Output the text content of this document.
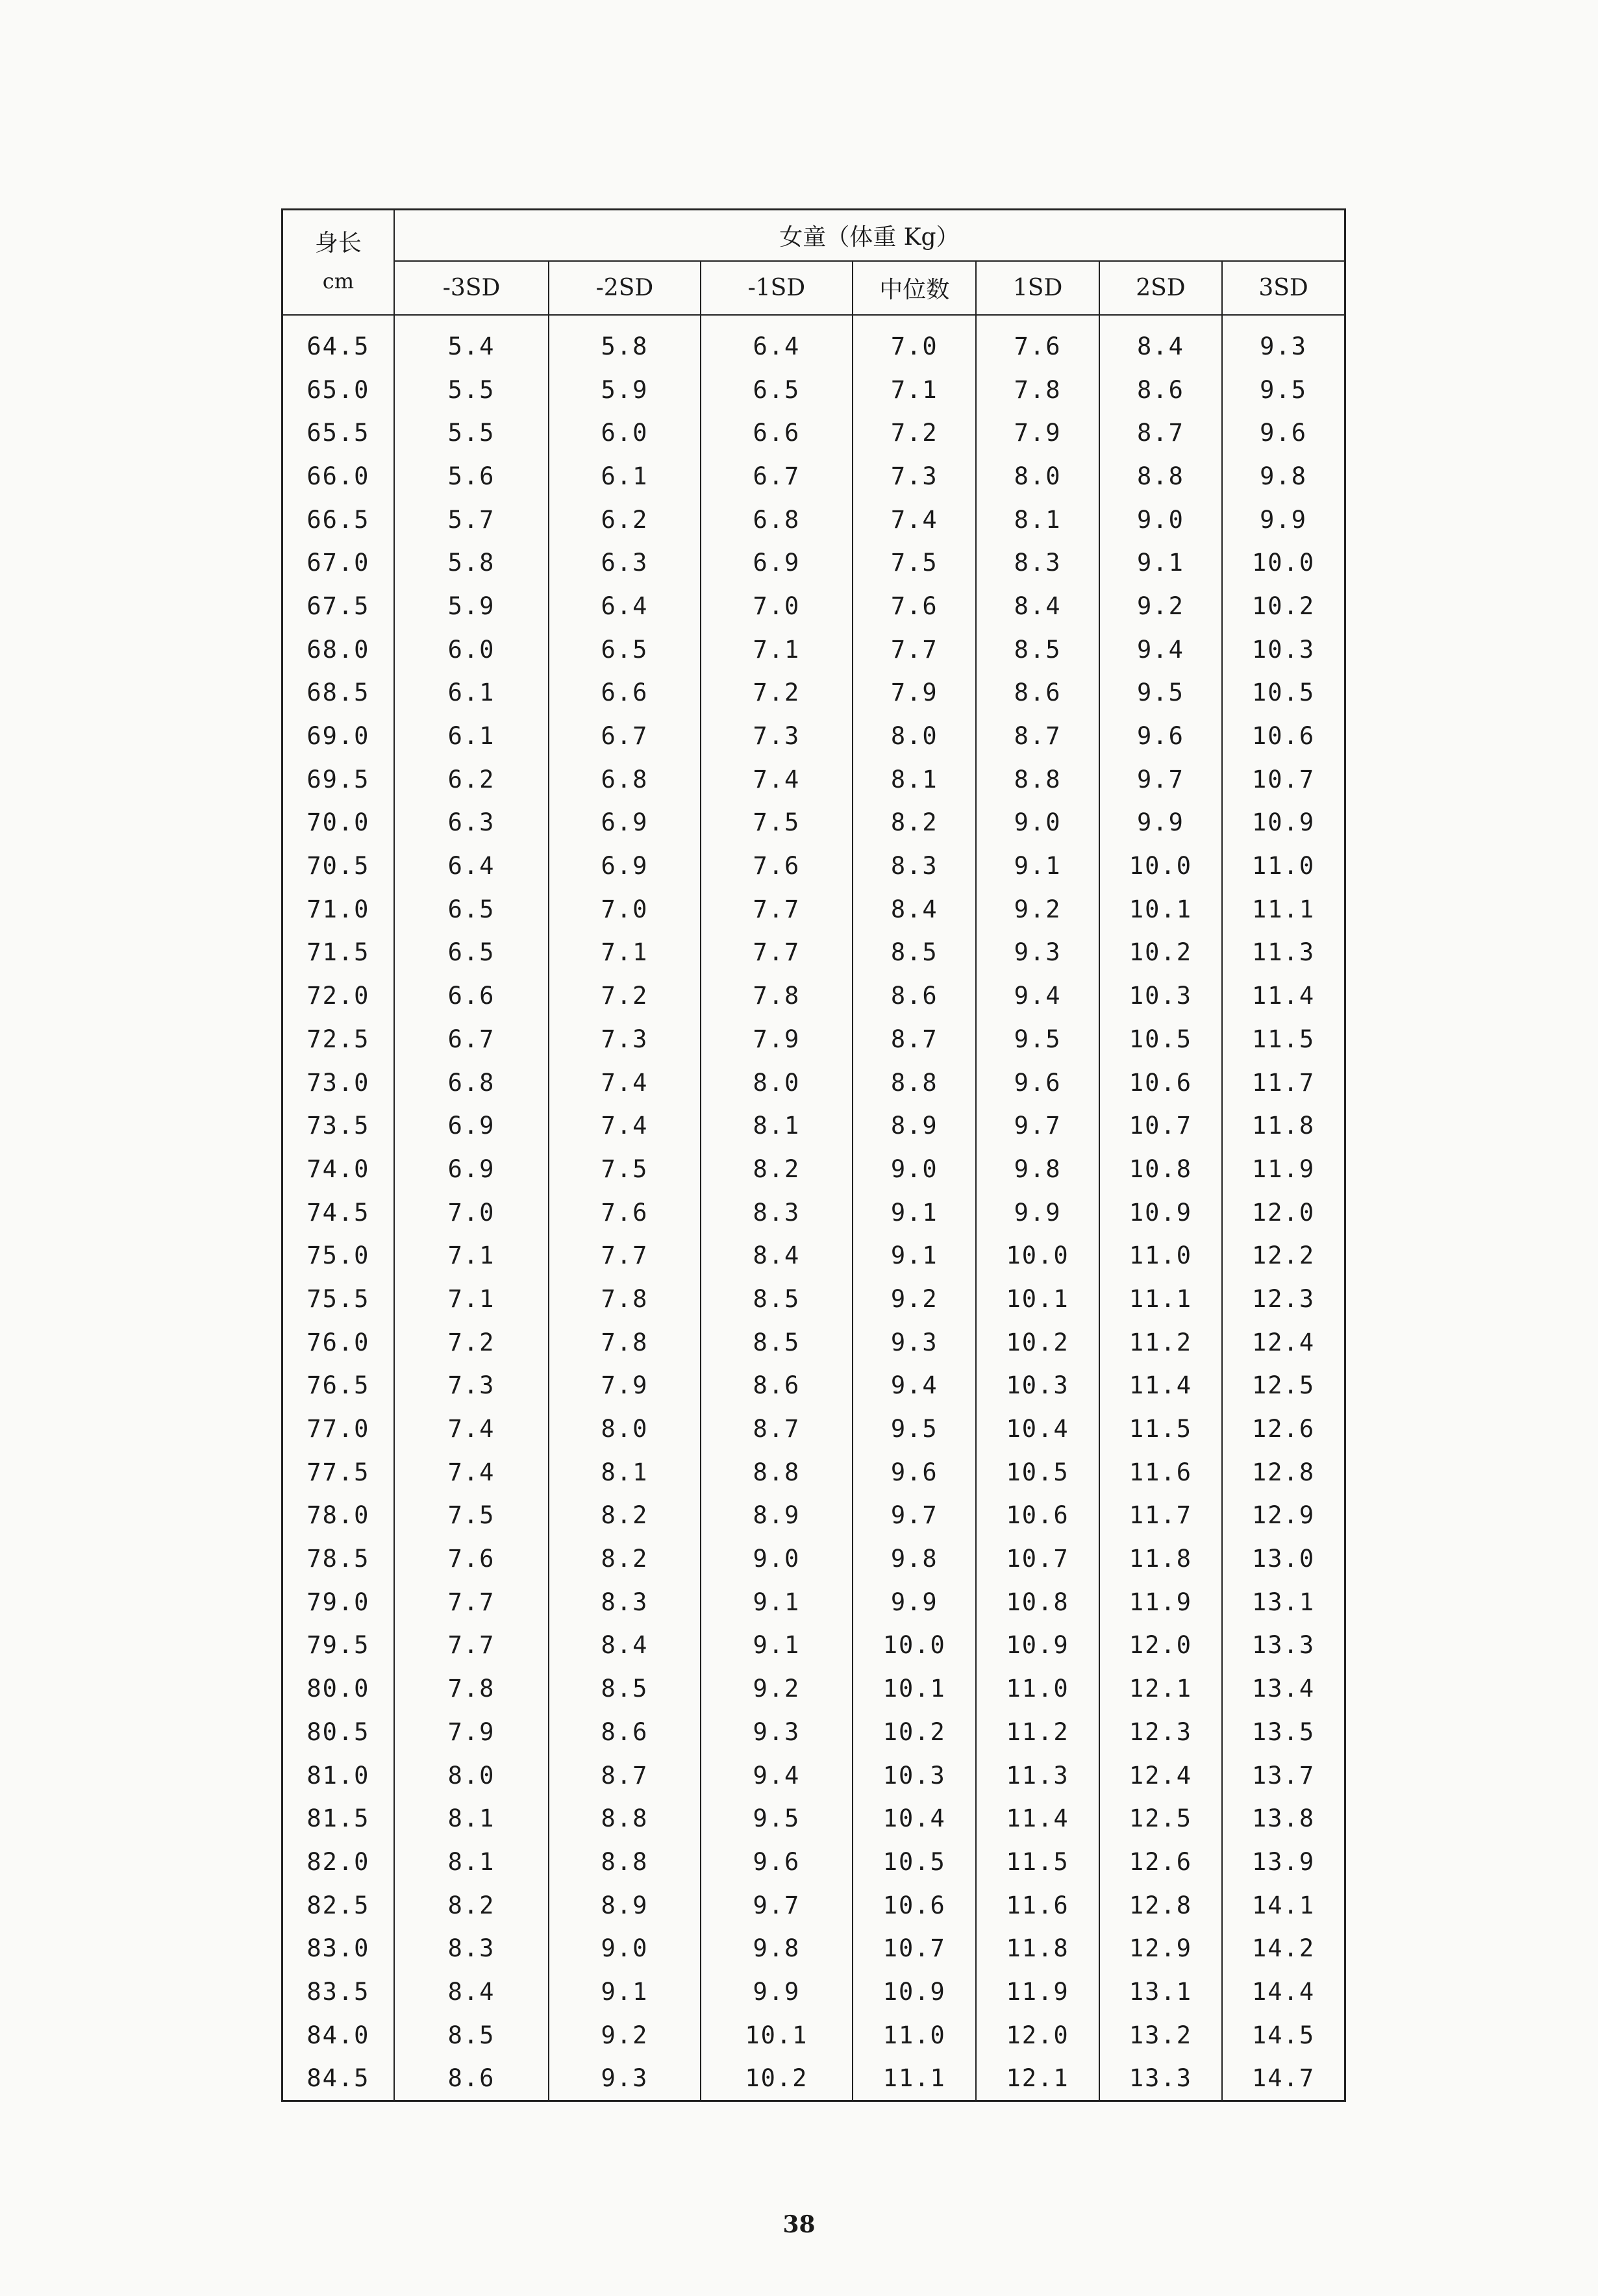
身长
cm	女童（体重 Kg）						
	-3SD	-2SD	-1SD	中位数	1SD	2SD	3SD
64.5	5.4	5.8	6.4	7.0	7.6	8.4	9.3
65.0	5.5	5.9	6.5	7.1	7.8	8.6	9.5
65.5	5.5	6.0	6.6	7.2	7.9	8.7	9.6
66.0	5.6	6.1	6.7	7.3	8.0	8.8	9.8
66.5	5.7	6.2	6.8	7.4	8.1	9.0	9.9
67.0	5.8	6.3	6.9	7.5	8.3	9.1	10.0
67.5	5.9	6.4	7.0	7.6	8.4	9.2	10.2
68.0	6.0	6.5	7.1	7.7	8.5	9.4	10.3
68.5	6.1	6.6	7.2	7.9	8.6	9.5	10.5
69.0	6.1	6.7	7.3	8.0	8.7	9.6	10.6
69.5	6.2	6.8	7.4	8.1	8.8	9.7	10.7
70.0	6.3	6.9	7.5	8.2	9.0	9.9	10.9
70.5	6.4	6.9	7.6	8.3	9.1	10.0	11.0
71.0	6.5	7.0	7.7	8.4	9.2	10.1	11.1
71.5	6.5	7.1	7.7	8.5	9.3	10.2	11.3
72.0	6.6	7.2	7.8	8.6	9.4	10.3	11.4
72.5	6.7	7.3	7.9	8.7	9.5	10.5	11.5
73.0	6.8	7.4	8.0	8.8	9.6	10.6	11.7
73.5	6.9	7.4	8.1	8.9	9.7	10.7	11.8
74.0	6.9	7.5	8.2	9.0	9.8	10.8	11.9
74.5	7.0	7.6	8.3	9.1	9.9	10.9	12.0
75.0	7.1	7.7	8.4	9.1	10.0	11.0	12.2
75.5	7.1	7.8	8.5	9.2	10.1	11.1	12.3
76.0	7.2	7.8	8.5	9.3	10.2	11.2	12.4
76.5	7.3	7.9	8.6	9.4	10.3	11.4	12.5
77.0	7.4	8.0	8.7	9.5	10.4	11.5	12.6
77.5	7.4	8.1	8.8	9.6	10.5	11.6	12.8
78.0	7.5	8.2	8.9	9.7	10.6	11.7	12.9
78.5	7.6	8.2	9.0	9.8	10.7	11.8	13.0
79.0	7.7	8.3	9.1	9.9	10.8	11.9	13.1
79.5	7.7	8.4	9.1	10.0	10.9	12.0	13.3
80.0	7.8	8.5	9.2	10.1	11.0	12.1	13.4
80.5	7.9	8.6	9.3	10.2	11.2	12.3	13.5
81.0	8.0	8.7	9.4	10.3	11.3	12.4	13.7
81.5	8.1	8.8	9.5	10.4	11.4	12.5	13.8
82.0	8.1	8.8	9.6	10.5	11.5	12.6	13.9
82.5	8.2	8.9	9.7	10.6	11.6	12.8	14.1
83.0	8.3	9.0	9.8	10.7	11.8	12.9	14.2
83.5	8.4	9.1	9.9	10.9	11.9	13.1	14.4
84.0	8.5	9.2	10.1	11.0	12.0	13.2	14.5
84.5	8.6	9.3	10.2	11.1	12.1	13.3	14.7
38
